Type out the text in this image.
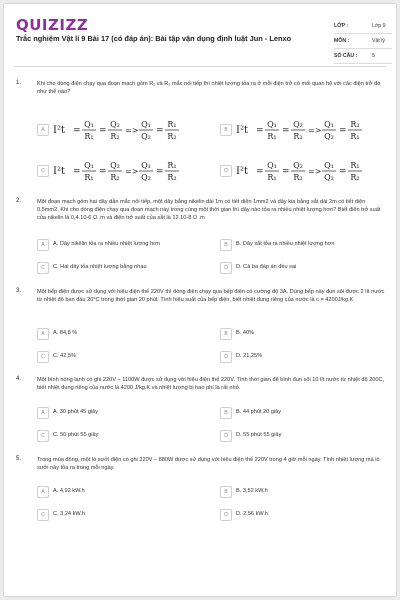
QUIZIZZ
Trắc nghiệm Vật lí 9 Bài 17 (có đáp án): Bài tập vận dụng định luật Jun - Lenxo
LỚP :	Lớp 9
MÔN :	Vật lý
SỐ CÂU :	5
1.	Khi cho dòng điện chạy qua đoạn mạch gồm R₁ và R₂ mắc nối tiếp thì nhiệt lượng tỏa ra ở mỗi điện trở có mối quan hệ với các điện trở đó như thế nào?
A I²t =
Q₁
R₁
=
Q₂
R₂
=>
Q₁
Q₂
=
R₁
R₂
B I²t =
Q₁
R₁
=
Q₂
R₂
=>
Q₁
Q₂
=
R₂
R₁
C I²t =
Q₁
R₁
=
Q₂
R₂
=>
Q₁
Q₂
=
R₁
R₂
D I²t =
Q₁
R₁
=
Q₂
R₂
=>
Q₁
Q₂
=
R₁
R₂
2.	Một đoạn mạch gồm hai dây dẫn mắc nối tiếp, một dây bằng nikelin dài 1m có tiết diện 1mm2 và dây kia bằng sắt dài 2m có tiết diện 0,5mm2. Khi cho dòng điện chạy qua đoạn mạch này trong cùng một thời gian thì dây nào tỏa ra nhiều nhiệt lượng hơn? Biết điện trở suất của nikelin là 0,4.10-6 Ω .m và điện trở suất của sắt là 12.10-8 Ω .m
A	A. Dây nikêlin tỏa ra nhiều nhiệt lượng hơn	B	B. Dây sắt tỏa ra nhiều nhiệt lượng hơn
C	C. Hai dây tỏa nhiệt lượng bằng nhau	D	D. Cả ba đáp án đều sai
3.	Một bếp điện được sử dụng với hiệu điện thế 220V thì dòng điện chạy qua bếp điện có cường độ 3A. Dùng bếp này đun sôi được 2 lít nước từ nhiệt độ ban đầu 20°C trong thời gian 20 phút. Tính hiệu suất của bếp điện, biết nhiệt dung riêng của nước là c = 4200J/kg.K
A	A. 84,8 %	B	B. 40%
C	C. 42,5%	D	D. 21,25%
4.	Một bình nóng lạnh có ghi 220V – 1100W được sử dụng với hiệu điện thế 220V. Tính thời gian để bình đun sôi 10 lít nước từ nhiệt độ 200C, biết nhiệt dung riêng của nước là 4200 J/kg.K và nhiệt lượng bị hao phí là rất nhỏ.
A	A. 30 phút 45 giây	B	B. 44 phút 20 giây
C	C. 50 phút 55 giây	D	D. 55 phút 55 giây
5.	Trong mùa đông, một lò sưởi điện có ghi 220V – 880W được sử dụng với hiệu điện thế 220V trong 4 giờ mỗi ngày. Tính nhiệt lượng mà lò sưởi này tỏa ra trong mỗi ngày.
A	A. 4,92 kW.h	B	B. 3,52 kW.h
C	C. 3,24 kW.h	D	D. 2,56 kW.h
